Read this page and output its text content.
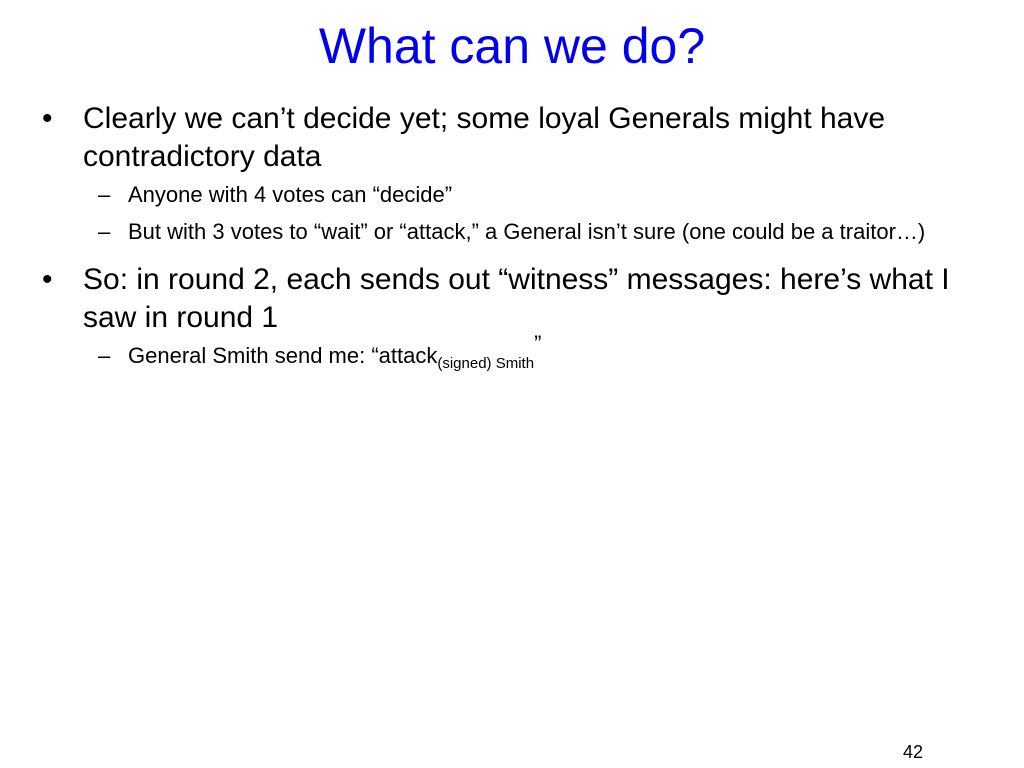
What can we do?
• Clearly we can’t decide yet; some loyal Generals might have contradictory data
– Anyone with 4 votes can “decide”
– But with 3 votes to “wait” or “attack,” a General isn’t sure (one could be a traitor…)
• So: in round 2, each sends out “witness” messages: here’s what I saw in round 1
– General Smith send me: “attack$_{(signed) Smith}$”
42
